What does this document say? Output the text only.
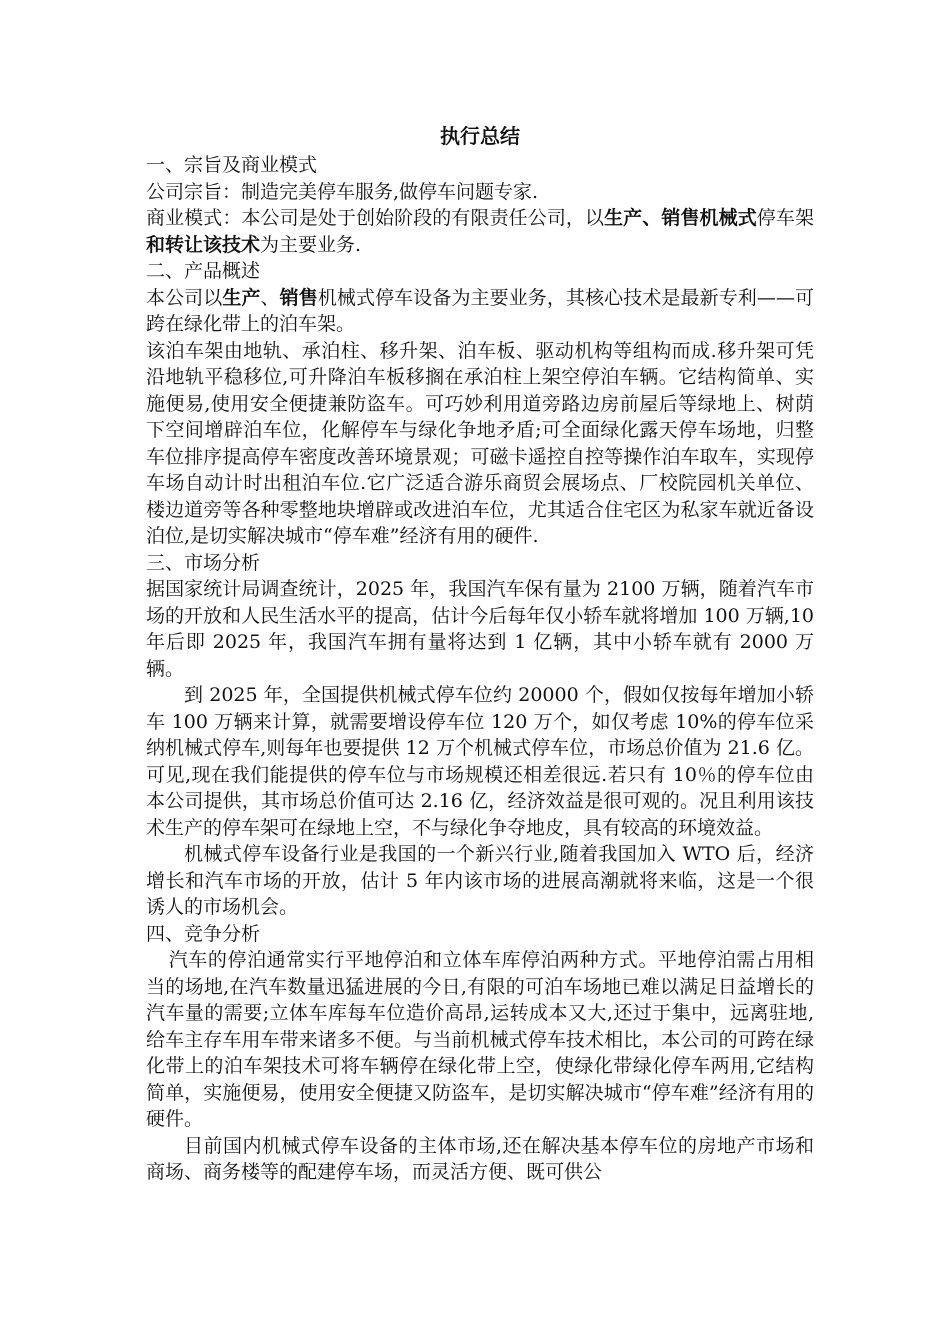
执行总结
一、宗旨及商业模式

公司宗旨：制造完美停车服务,做停车问题专家.

商业模式：本公司是处于创始阶段的有限责任公司，以生产、销售机械式停车架和转让该技术为主要业务.

二、产品概述

本公司以生产、销售机械式停车设备为主要业务，其核心技术是最新专利——可跨在绿化带上的泊车架。

该泊车架由地轨、承泊柱、移升架、泊车板、驱动机构等组构而成.移升架可凭沿地轨平稳移位,可升降泊车板移搁在承泊柱上架空停泊车辆。它结构简单、实施便易,使用安全便捷兼防盗车。可巧妙利用道旁路边房前屋后等绿地上、树荫下空间增辟泊车位，化解停车与绿化争地矛盾;可全面绿化露天停车场地，归整车位排序提高停车密度改善环境景观；可磁卡遥控自控等操作泊车取车，实现停车场自动计时出租泊车位.它广泛适合游乐商贸会展场点、厂校院园机关单位、楼边道旁等各种零整地块增辟或改进泊车位，尤其适合住宅区为私家车就近备设泊位,是切实解决城市“停车难”经济有用的硬件.

三、市场分析

据国家统计局调查统计，2025 年，我国汽车保有量为 2100 万辆，随着汽车市场的开放和人民生活水平的提高，估计今后每年仅小轿车就将增加 100 万辆,10 年后即 2025 年，我国汽车拥有量将达到 1 亿辆，其中小轿车就有 2000 万辆。

到 2025 年，全国提供机械式停车位约 20000 个，假如仅按每年增加小轿车 100 万辆来计算，就需要增设停车位 120 万个，如仅考虑 10%的停车位采纳机械式停车,则每年也要提供 12 万个机械式停车位，市场总价值为 21.6 亿。可见,现在我们能提供的停车位与市场规模还相差很远.若只有 10％的停车位由本公司提供，其市场总价值可达 2.16 亿，经济效益是很可观的。况且利用该技术生产的停车架可在绿地上空，不与绿化争夺地皮，具有较高的环境效益。

机械式停车设备行业是我国的一个新兴行业,随着我国加入 WTO 后，经济增长和汽车市场的开放，估计 5 年内该市场的进展高潮就将来临，这是一个很诱人的市场机会。

四、竞争分析

汽车的停泊通常实行平地停泊和立体车库停泊两种方式。平地停泊需占用相当的场地,在汽车数量迅猛进展的今日,有限的可泊车场地已难以满足日益增长的汽车量的需要;立体车库每车位造价高昂,运转成本又大,还过于集中，远离驻地,给车主存车用车带来诸多不便。与当前机械式停车技术相比，本公司的可跨在绿化带上的泊车架技术可将车辆停在绿化带上空，使绿化带绿化停车两用,它结构简单，实施便易，使用安全便捷又防盗车，是切实解决城市“停车难”经济有用的硬件。

目前国内机械式停车设备的主体市场,还在解决基本停车位的房地产市场和商场、商务楼等的配建停车场，而灵活方便、既可供公
